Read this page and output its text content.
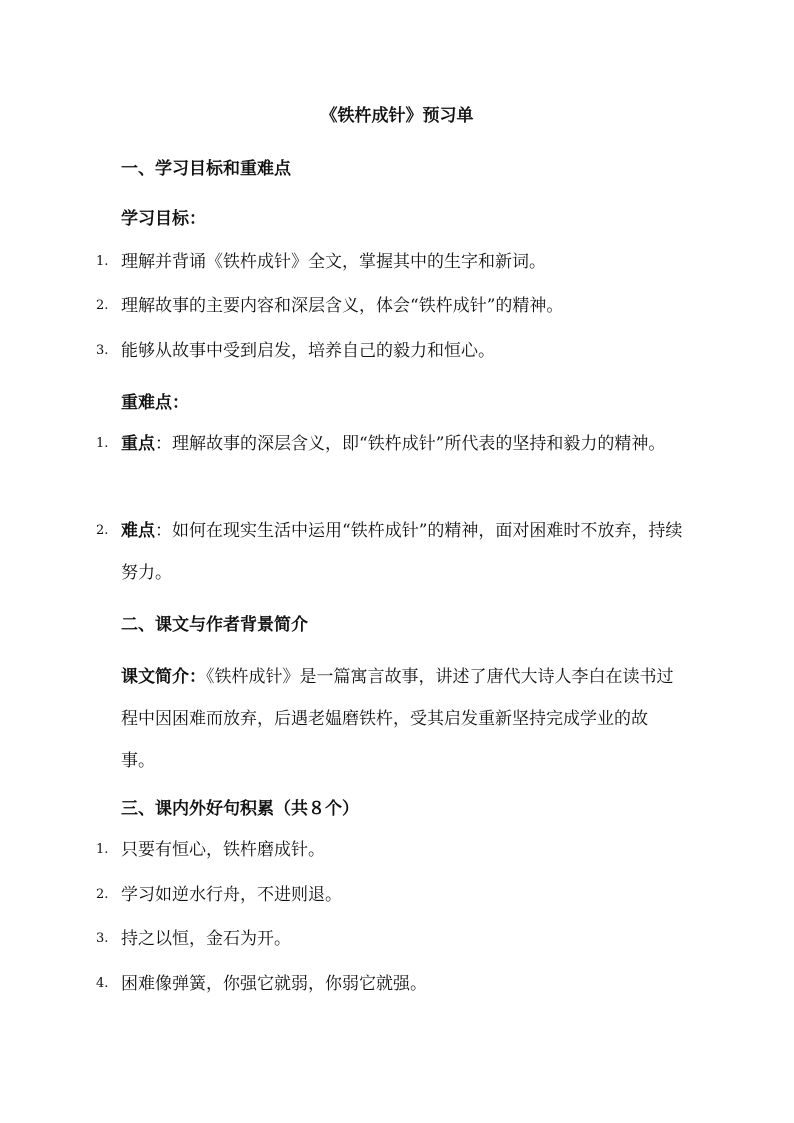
《铁杵成针》预习单
一、学习目标和重难点
学习目标：
1. 理解并背诵《铁杵成针》全文，掌握其中的生字和新词。
2. 理解故事的主要内容和深层含义，体会“铁杵成针”的精神。
3. 能够从故事中受到启发，培养自己的毅力和恒心。
重难点：
1. 重点：理解故事的深层含义，即“铁杵成针”所代表的坚持和毅力的精神。
2. 难点：如何在现实生活中运用“铁杵成针”的精神，面对困难时不放弃，持续努力。
二、课文与作者背景简介
课文简介：《铁杵成针》是一篇寓言故事，讲述了唐代大诗人李白在读书过程中因困难而放弃，后遇老媪磨铁杵，受其启发重新坚持完成学业的故事。
三、课内外好句积累（共８个）
1. 只要有恒心，铁杵磨成针。
2. 学习如逆水行舟，不进则退。
3. 持之以恒，金石为开。
4. 困难像弹簧，你强它就弱，你弱它就强。
